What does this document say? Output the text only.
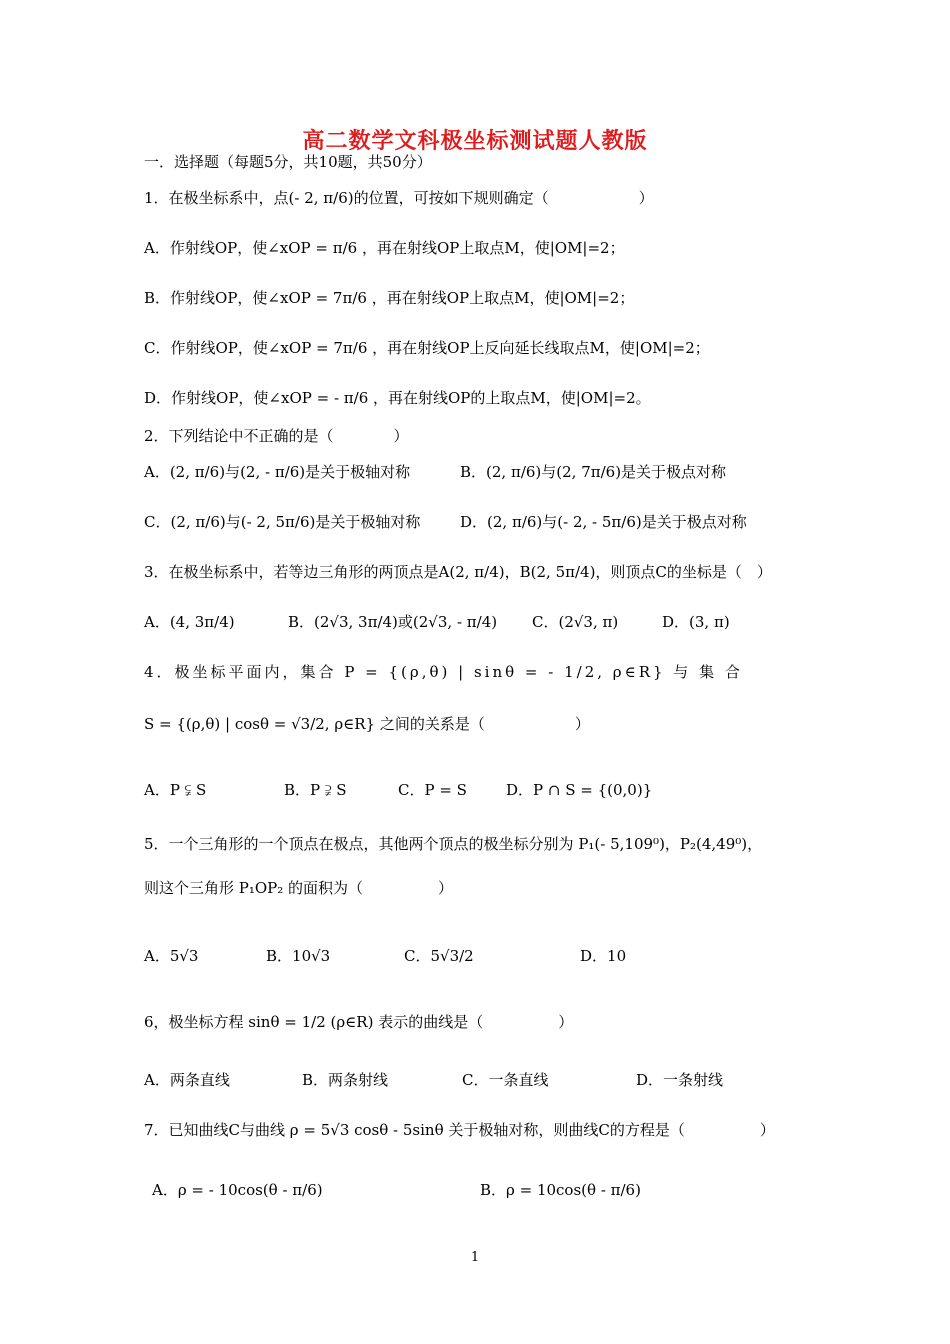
高二数学文科极坐标测试题人教版
一．选择题（每题5分，共10题，共50分）
1．在极坐标系中，点(- 2, π/6)的位置，可按如下规则确定（　　　　　　）
A．作射线OP，使∠xOP = π/6 ，再在射线OP上取点M，使|OM|=2；
B．作射线OP，使∠xOP = 7π/6 ，再在射线OP上取点M，使|OM|=2；
C．作射线OP，使∠xOP = 7π/6 ，再在射线OP上反向延长线取点M，使|OM|=2；
D．作射线OP，使∠xOP = - π/6 ，再在射线OP的上取点M，使|OM|=2。
2．下列结论中不正确的是（　　　　）
A．(2, π/6)与(2, - π/6)是关于极轴对称	B．(2, π/6)与(2, 7π/6)是关于极点对称
C．(2, π/6)与(- 2, 5π/6)是关于极轴对称	D．(2, π/6)与(- 2, - 5π/6)是关于极点对称
3．在极坐标系中，若等边三角形的两顶点是A(2, π/4)，B(2, 5π/4)，则顶点C的坐标是（　）
A．(4, 3π/4)	B．(2√3, 3π/4)或(2√3, - π/4) C．(2√3, π)	D．(3, π)
4．极坐标平面内，集合 P = {(ρ,θ) | sinθ = - 1/2, ρ∈R} 与 集 合
S = {(ρ,θ) | cosθ = √3/2, ρ∈R} 之间的关系是（　　　　　　）
A．P ⫋ S	B．P ⫌ S	C．P = S	D．P ∩ S = {(0,0)}
5．一个三角形的一个顶点在极点，其他两个顶点的极坐标分别为 P₁(- 5,109⁰)，P₂(4,49⁰)，
则这个三角形 P₁OP₂ 的面积为（　　　　　）
A．5√3	B．10√3	C．5√3/2	D．10
6，极坐标方程 sinθ = 1/2 (ρ∈R) 表示的曲线是（　　　　　）
A．两条直线	B．两条射线	C．一条直线	D．一条射线
7．已知曲线C与曲线 ρ = 5√3 cosθ - 5sinθ 关于极轴对称，则曲线C的方程是（　　　　　）
A．ρ = - 10cos(θ - π/6)	B．ρ = 10cos(θ - π/6)
1
